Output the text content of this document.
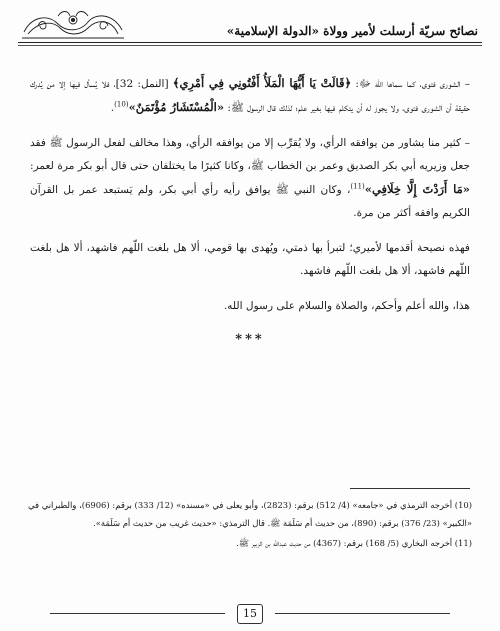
نصائح سريّة أرسلت لأمير وولاة «الدولة الإسلامية»

– الشورى فتوى، كما سماها الله ﷻ: ﴿قَالَتْ يَا أَيُّهَا الْمَلَأُ أَفْتُونِي فِي أَمْرِي﴾ [النمل: 32]، فلا يُسأل فيها إلا من يُدرك حقيقة أن الشورى فتوى، ولا يجوز له أن يتكلم فيها بغير علم؛ لذلك قال الرسول ﷺ: «الْمُسْتَشَارُ مُؤْتَمَنٌ»$^{(10)}$.

– كثير منا يشاور من يوافقه الرأي، ولا يُقرِّب إلا من يوافقه الرأي، وهذا مخالف لفعل الرسول ﷺ فقد جعل وزيريه أبي بكر الصديق وعمر بن الخطاب ﷺ، وكانا كثيرًا ما يختلفان حتى قال أبو بكر مرة لعمر: «مَا أَرَدْتَ إِلَّا خِلَافِي»$^{(11)}$، وكان النبي ﷺ يوافق رأيه رأي أبي بكر، ولم يَستبعد عمر بل القرآن الكريم وافقه أكثر من مرة.

فهذه نصيحة أقدمها لأميري؛ لتبرأ بها ذمتي، ويُهدى بها قومي، ألا هل بلغت اللّهم فاشهد، ألا هل بلغت اللّهم فاشهد، ألا هل بلغت اللّهم فاشهد.

هذا، والله أعلم وأحكم، والصلاة والسلام على رسول الله.

***

(10) أخرجه الترمذي في «جامعه» (4/ 512) برقم: (2823)، وأبو يعلى في «مسنده» (12/ 333) برقم: (6906)، والطبراني في «الكبير» (23/ 376) برقم: (890)، من حديث أم سَلَمَة ﷺ. قال الترمذي: «حديث غريب من حديث أم سَلَمَة».

(11) أخرجه البخاري (5/ 168) برقم: (4367) من حديث عبدالله بن الزبير ﷺ.

15
